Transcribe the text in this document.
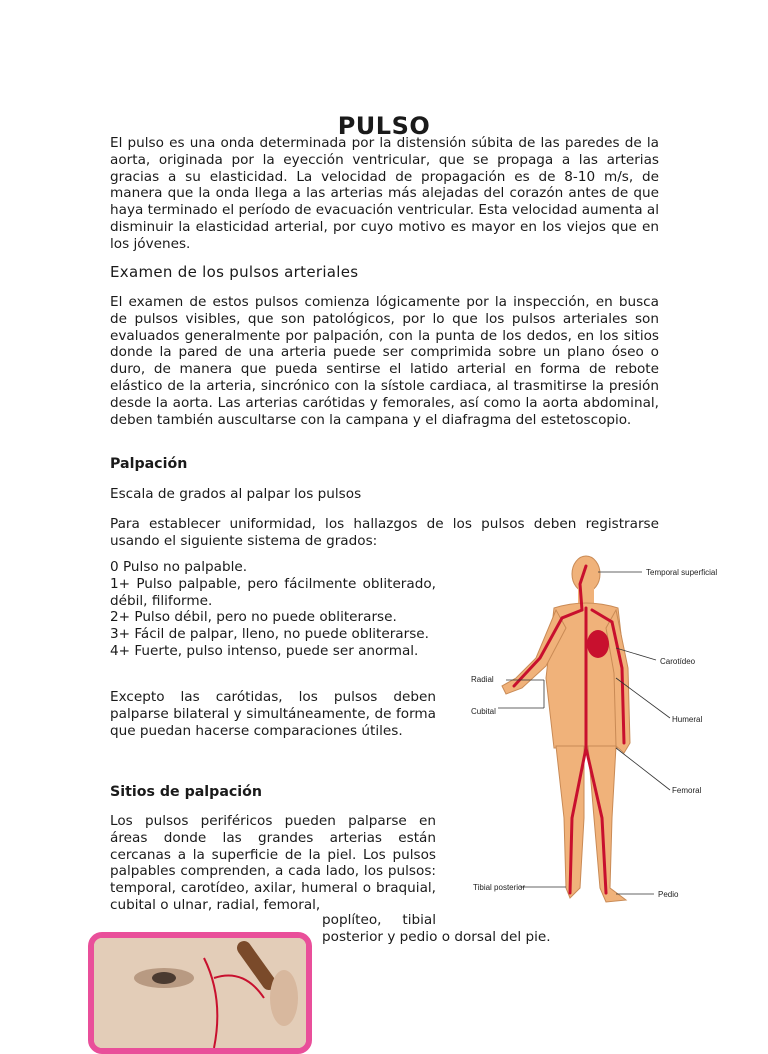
PULSO

El pulso es una onda determinada por la distensión súbita de las paredes de la aorta, originada por la eyección ventricular, que se propaga a las arterias gracias a su elasticidad. La velocidad de propagación es de 8-10 m/s, de manera que la onda llega a las arterias más alejadas del corazón antes de que haya terminado el período de evacuación ventricular. Esta velocidad aumenta al disminuir la elasticidad arterial, por cuyo motivo es mayor en los viejos que en los jóvenes.

Examen de los pulsos arteriales

El examen de estos pulsos comienza lógicamente por la inspección, en busca de pulsos visibles, que son patológicos, por lo que los pulsos arteriales son evaluados generalmente por palpación, con la punta de los dedos, en los sitios donde la pared de una arteria puede ser comprimida sobre un plano óseo o duro, de manera que pueda sentirse el latido arterial en forma de rebote elástico de la arteria, sincrónico con la sístole cardiaca, al trasmitirse la presión desde la aorta. Las arterias carótidas y femorales, así como la aorta abdominal, deben también auscultarse con la campana y el diafragma del estetoscopio.

Palpación

Escala de grados al palpar los pulsos

Para establecer uniformidad, los hallazgos de los pulsos deben registrarse usando el siguiente sistema de grados:

0 Pulso no palpable.
1+ Pulso palpable, pero fácilmente obliterado, débil, filiforme.
2+ Pulso débil, pero no puede obliterarse.
3+ Fácil de palpar, lleno, no puede obliterarse.
4+ Fuerte, pulso intenso, puede ser anormal.

Excepto las carótidas, los pulsos deben palparse bilateral y simultáneamente, de forma que puedan hacerse comparaciones útiles.

Sitios de palpación

Los pulsos periféricos pueden palparse en áreas donde las grandes arterias están cercanas a la superficie de la piel. Los pulsos palpables comprenden, a cada lado, los pulsos: temporal, carotídeo, axilar, humeral o braquial, cubital o ulnar, radial, femoral,

poplíteo, tibial

posterior y pedio o dorsal del pie.

Temporal superficial
Carotídeo
Radial
Cubital
Humeral
Femoral
Tibial posterior
Pedio
